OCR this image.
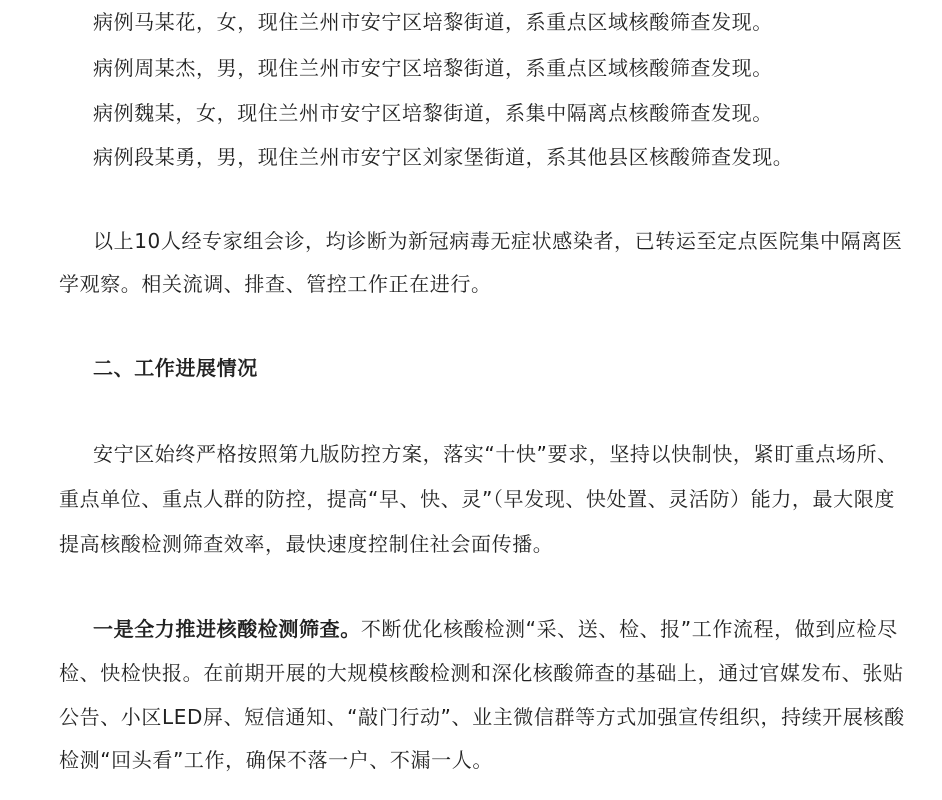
病例马某花，女，现住兰州市安宁区培黎街道，系重点区域核酸筛查发现。
病例周某杰，男，现住兰州市安宁区培黎街道，系重点区域核酸筛查发现。
病例魏某，女，现住兰州市安宁区培黎街道，系集中隔离点核酸筛查发现。
病例段某勇，男，现住兰州市安宁区刘家堡街道，系其他县区核酸筛查发现。
以上10人经专家组会诊，均诊断为新冠病毒无症状感染者，已转运至定点医院集中隔离医
学观察。相关流调、排查、管控工作正在进行。
二、工作进展情况
安宁区始终严格按照第九版防控方案，落实“十快”要求，坚持以快制快，紧盯重点场所、
重点单位、重点人群的防控，提高“早、快、灵”（早发现、快处置、灵活防）能力，最大限度
提高核酸检测筛查效率，最快速度控制住社会面传播。
一是全力推进核酸检测筛查。不断优化核酸检测“采、送、检、报”工作流程，做到应检尽
检、快检快报。在前期开展的大规模核酸检测和深化核酸筛查的基础上，通过官媒发布、张贴
公告、小区LED屏、短信通知、“敲门行动”、业主微信群等方式加强宣传组织，持续开展核酸
检测“回头看”工作，确保不落一户、不漏一人。
